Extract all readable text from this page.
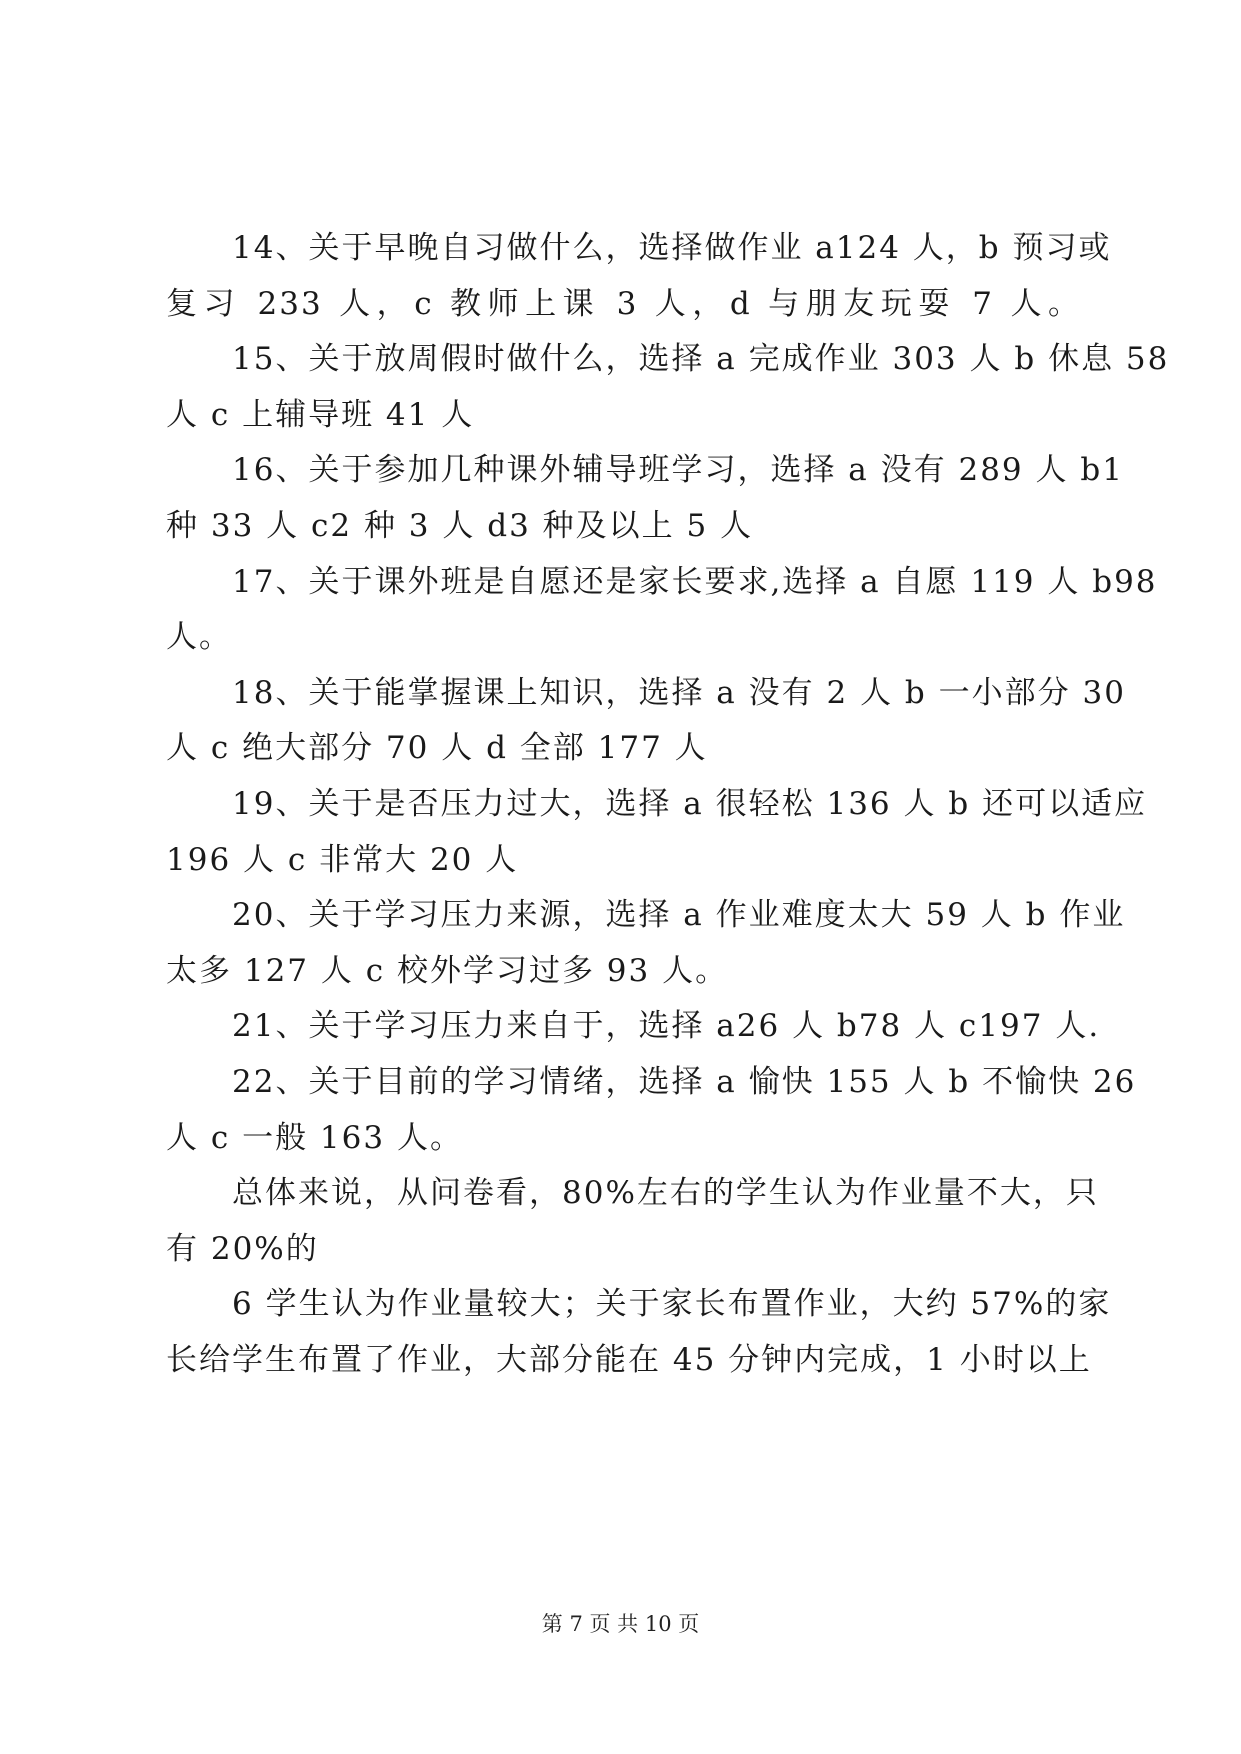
14、关于早晚自习做什么，选择做作业 a124 人，b 预习或
复习 233 人，c 教师上课 3 人，d 与朋友玩耍 7 人。
15、关于放周假时做什么，选择 a 完成作业 303 人 b 休息 58
人 c 上辅导班 41 人
16、关于参加几种课外辅导班学习，选择 a 没有 289 人 b1
种 33 人 c2 种 3 人 d3 种及以上 5 人
17、关于课外班是自愿还是家长要求,选择 a 自愿 119 人 b98
人。
18、关于能掌握课上知识，选择 a 没有 2 人 b 一小部分 30
人 c 绝大部分 70 人 d 全部 177 人
19、关于是否压力过大，选择 a 很轻松 136 人 b 还可以适应
196 人 c 非常大 20 人
20、关于学习压力来源，选择 a 作业难度太大 59 人 b 作业
太多 127 人 c 校外学习过多 93 人。
21、关于学习压力来自于，选择 a26 人 b78 人 c197 人.
22、关于目前的学习情绪，选择 a 愉快 155 人 b 不愉快 26
人 c 一般 163 人。
总体来说，从问卷看，80%左右的学生认为作业量不大，只
有 20%的
6 学生认为作业量较大；关于家长布置作业，大约 57%的家
长给学生布置了作业，大部分能在 45 分钟内完成，1 小时以上
第 7 页 共 10 页
